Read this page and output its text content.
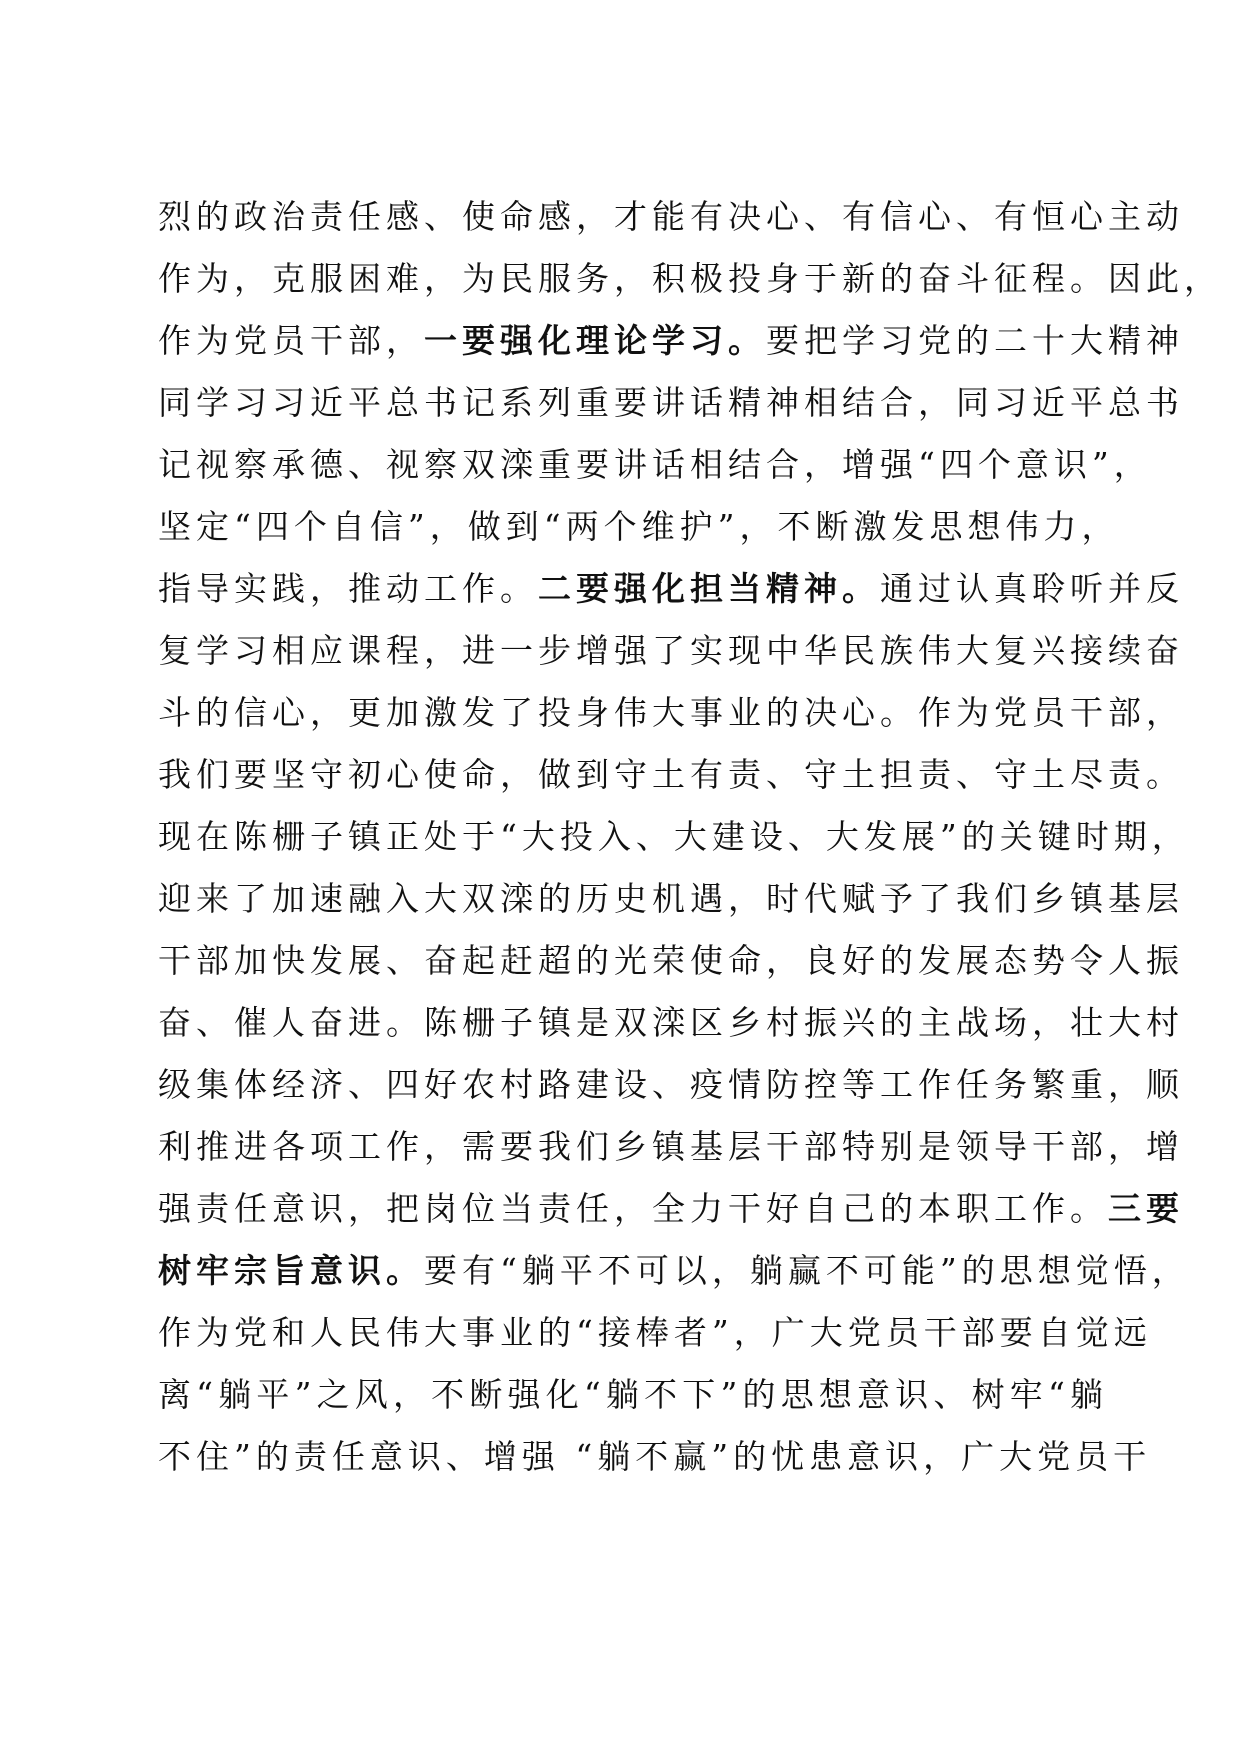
烈的政治责任感、使命感，才能有决心、有信心、有恒心主动
作为，克服困难，为民服务，积极投身于新的奋斗征程。因此，
作为党员干部，一要强化理论学习。要把学习党的二十大精神
同学习习近平总书记系列重要讲话精神相结合，同习近平总书
记视察承德、视察双滦重要讲话相结合，增强“四个意识”，
坚定“四个自信”，做到“两个维护”，不断激发思想伟力，
指导实践，推动工作。二要强化担当精神。通过认真聆听并反
复学习相应课程，进一步增强了实现中华民族伟大复兴接续奋
斗的信心，更加激发了投身伟大事业的决心。作为党员干部，
我们要坚守初心使命，做到守土有责、守土担责、守土尽责。
现在陈栅子镇正处于“大投入、大建设、大发展”的关键时期，
迎来了加速融入大双滦的历史机遇，时代赋予了我们乡镇基层
干部加快发展、奋起赶超的光荣使命，良好的发展态势令人振
奋、催人奋进。陈栅子镇是双滦区乡村振兴的主战场，壮大村
级集体经济、四好农村路建设、疫情防控等工作任务繁重，顺
利推进各项工作，需要我们乡镇基层干部特别是领导干部，增
强责任意识，把岗位当责任，全力干好自己的本职工作。三要
树牢宗旨意识。要有“躺平不可以，躺赢不可能”的思想觉悟，
作为党和人民伟大事业的“接棒者”，广大党员干部要自觉远
离“躺平”之风，不断强化“躺不下”的思想意识、树牢“躺
不住”的责任意识、增强 “躺不赢”的忧患意识，广大党员干
